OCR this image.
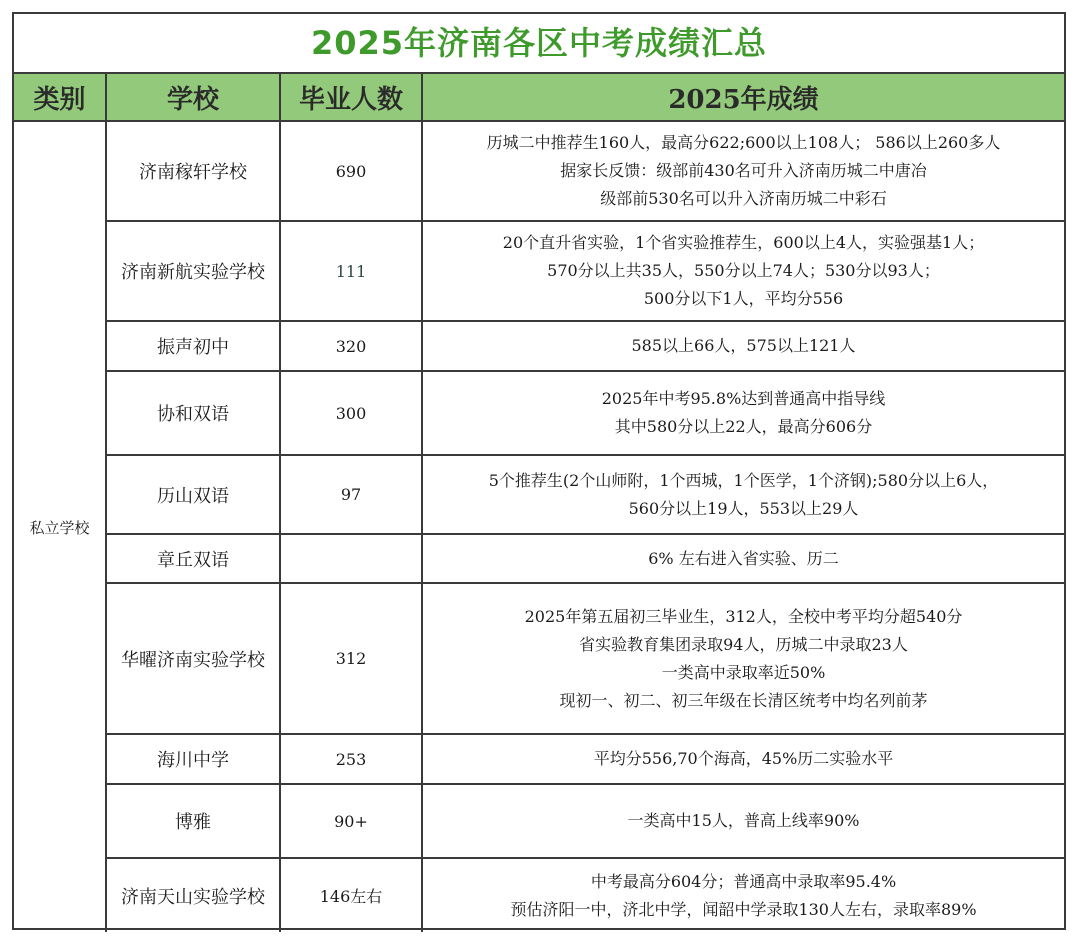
2025年济南各区中考成绩汇总
类别	学校	毕业人数	2025年成绩
私立学校	济南稼轩学校	690	历城二中推荐生160人，最高分622;600以上108人； 586以上260多人
据家长反馈：级部前430名可升入济南历城二中唐冶
级部前530名可以升入济南历城二中彩石

	济南新航实验学校	111	20个直升省实验，1个省实验推荐生，600以上4人，实验强基1人；
570分以上共35人，550分以上74人；530分以93人；
500分以下1人，平均分556

	振声初中	320	585以上66人，575以上121人

	协和双语	300	2025年中考95.8%达到普通高中指导线
其中580分以上22人，最高分606分

	历山双语	97	5个推荐生(2个山师附，1个西城，1个医学，1个济钢);580分以上6人，
560分以上19人，553以上29人

	章丘双语		6% 左右进入省实验、历二

	华曜济南实验学校	312	2025年第五届初三毕业生，312人，全校中考平均分超540分
省实验教育集团录取94人，历城二中录取23人
一类高中录取率近50%
现初一、初二、初三年级在长清区统考中均名列前茅

	海川中学	253	平均分556,70个海高，45%历二实验水平

	博雅	90+	一类高中15人，普高上线率90%

	济南天山实验学校	146左右	中考最高分604分；普通高中录取率95.4%
预估济阳一中，济北中学，闻韶中学录取130人左右，录取率89%
